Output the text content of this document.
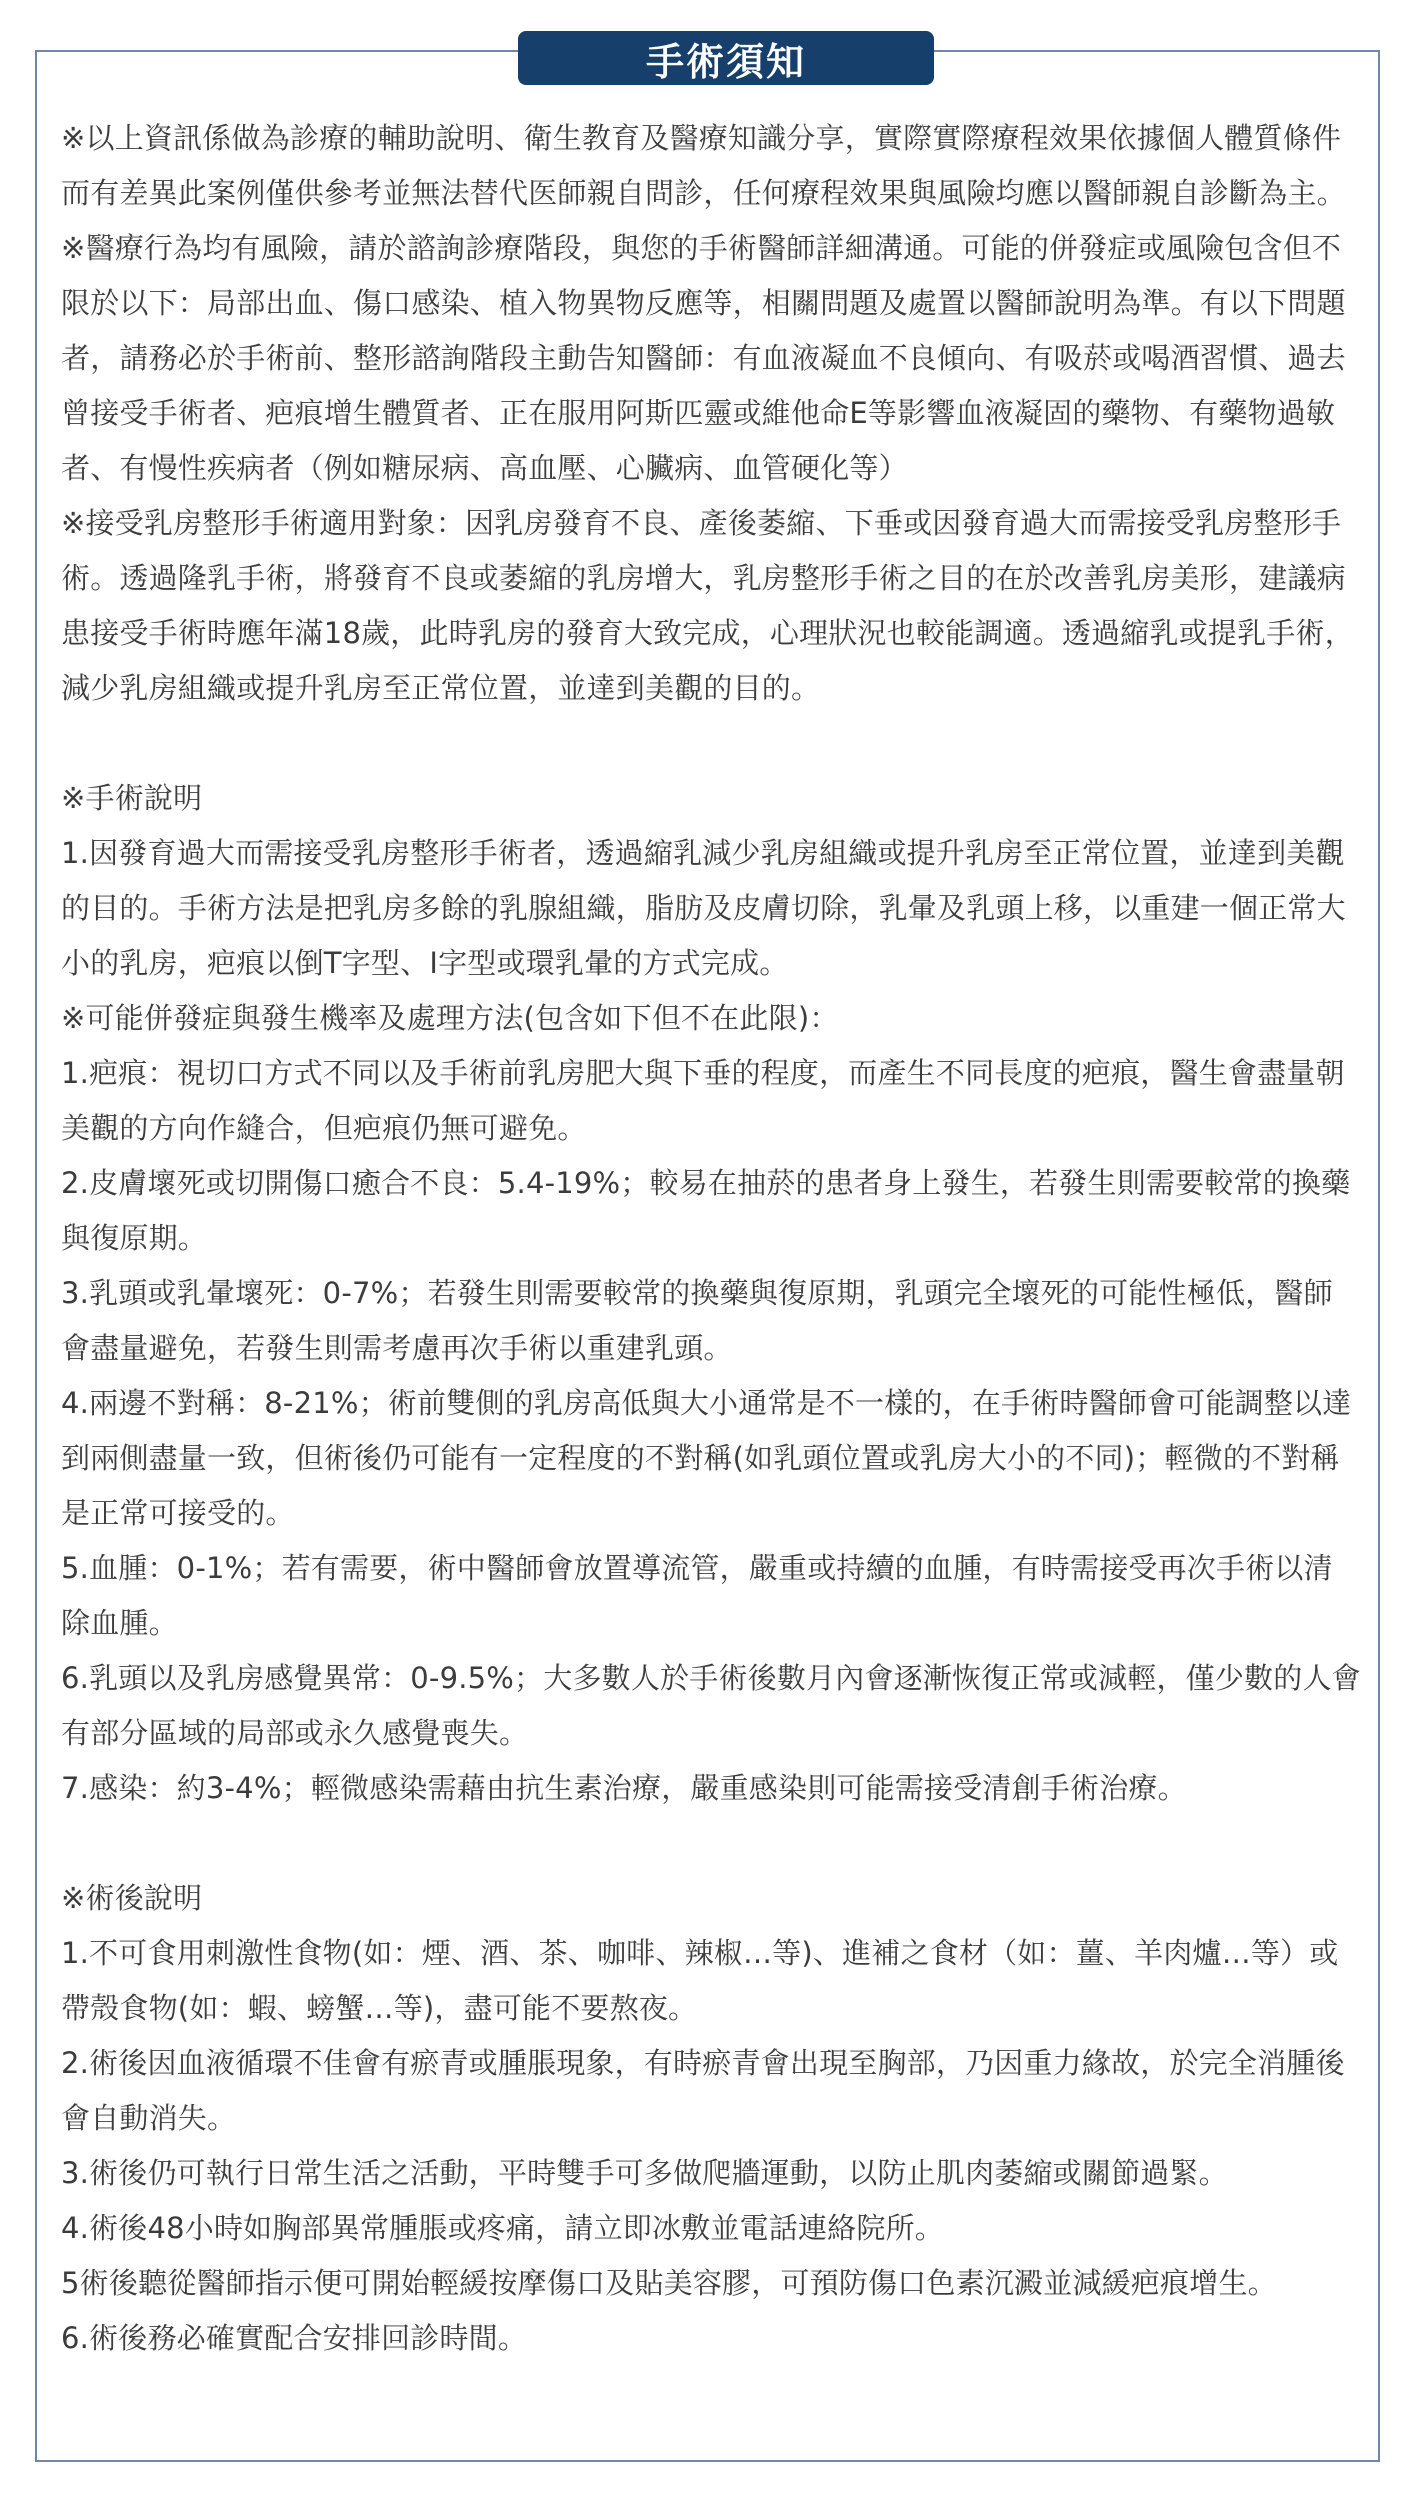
手術須知

※以上資訊係做為診療的輔助說明、衛生教育及醫療知識分享，實際實際療程效果依據個人體質條件而有差異此案例僅供參考並無法替代医師親自問診，任何療程效果與風險均應以醫師親自診斷為主。

※醫療行為均有風險，請於諮詢診療階段，與您的手術醫師詳細溝通。可能的併發症或風險包含但不限於以下：局部出血、傷口感染、植入物異物反應等，相關問題及處置以醫師說明為準。有以下問題者，請務必於手術前、整形諮詢階段主動告知醫師：有血液凝血不良傾向、有吸菸或喝酒習慣、過去曾接受手術者、疤痕增生體質者、正在服用阿斯匹靈或維他命E等影響血液凝固的藥物、有藥物過敏者、有慢性疾病者（例如糖尿病、高血壓、心臟病、血管硬化等）

※接受乳房整形手術適用對象：因乳房發育不良、產後萎縮、下垂或因發育過大而需接受乳房整形手術。透過隆乳手術，將發育不良或萎縮的乳房增大，乳房整形手術之目的在於改善乳房美形，建議病患接受手術時應年滿18歲，此時乳房的發育大致完成，心理狀況也較能調適。透過縮乳或提乳手術，減少乳房組織或提升乳房至正常位置，並達到美觀的目的。

※手術說明

1.因發育過大而需接受乳房整形手術者，透過縮乳減少乳房組織或提升乳房至正常位置，並達到美觀的目的。手術方法是把乳房多餘的乳腺組織，脂肪及皮膚切除，乳暈及乳頭上移，以重建一個正常大小的乳房，疤痕以倒T字型、I字型或環乳暈的方式完成。

※可能併發症與發生機率及處理方法(包含如下但不在此限)：

1.疤痕：視切口方式不同以及手術前乳房肥大與下垂的程度，而產生不同長度的疤痕，醫生會盡量朝美觀的方向作縫合，但疤痕仍無可避免。

2.皮膚壞死或切開傷口癒合不良：5.4-19%；較易在抽菸的患者身上發生，若發生則需要較常的換藥與復原期。

3.乳頭或乳暈壞死：0-7%；若發生則需要較常的換藥與復原期，乳頭完全壞死的可能性極低，醫師會盡量避免，若發生則需考慮再次手術以重建乳頭。

4.兩邊不對稱：8-21%；術前雙側的乳房高低與大小通常是不一樣的，在手術時醫師會可能調整以達到兩側盡量一致，但術後仍可能有一定程度的不對稱(如乳頭位置或乳房大小的不同)；輕微的不對稱是正常可接受的。

5.血腫：0-1%；若有需要，術中醫師會放置導流管，嚴重或持續的血腫，有時需接受再次手術以清除血腫。

6.乳頭以及乳房感覺異常：0-9.5%；大多數人於手術後數月內會逐漸恢復正常或減輕，僅少數的人會有部分區域的局部或永久感覺喪失。

7.感染：約3-4%；輕微感染需藉由抗生素治療，嚴重感染則可能需接受清創手術治療。

※術後說明

1.不可食用刺激性食物(如：煙、酒、茶、咖啡、辣椒…等)、進補之食材（如：薑、羊肉爐…等）或帶殼食物(如：蝦、螃蟹…等)，盡可能不要熬夜。

2.術後因血液循環不佳會有瘀青或腫脹現象，有時瘀青會出現至胸部，乃因重力緣故，於完全消腫後會自動消失。

3.術後仍可執行日常生活之活動，平時雙手可多做爬牆運動，以防止肌肉萎縮或關節過緊。

4.術後48小時如胸部異常腫脹或疼痛，請立即冰敷並電話連絡院所。

5術後聽從醫師指示便可開始輕緩按摩傷口及貼美容膠，可預防傷口色素沉澱並減緩疤痕增生。

6.術後務必確實配合安排回診時間。
